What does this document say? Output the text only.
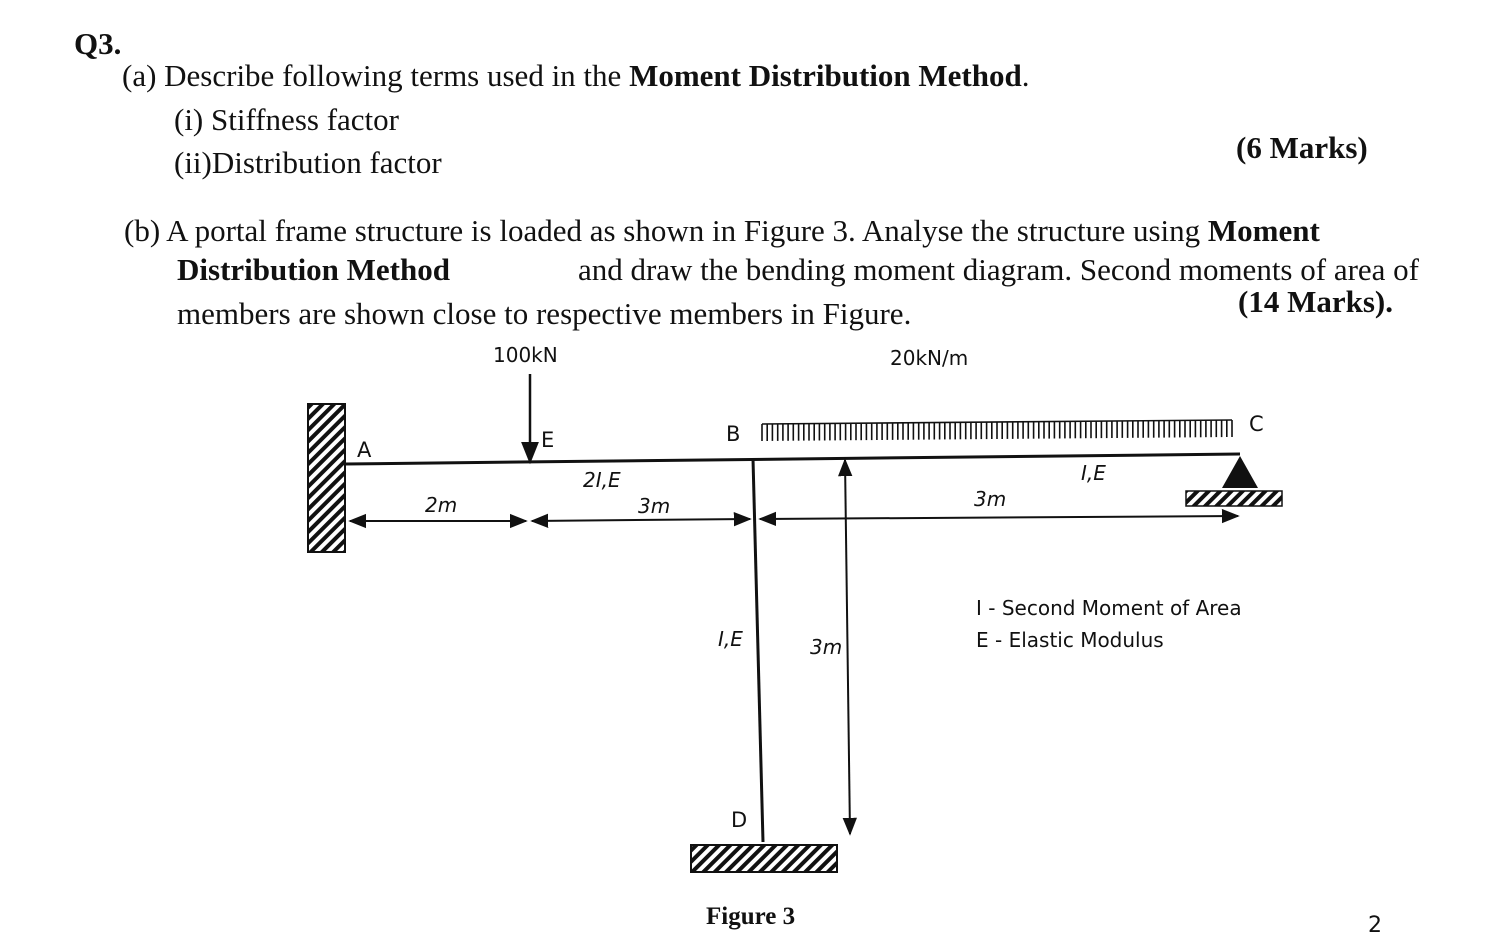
Q3.
(a) Describe following terms used in the Moment Distribution Method.
(i) Stiffness factor
(ii)Distribution factor	(6 Marks)
(b) A portal frame structure is loaded as shown in Figure 3. Analyse the structure using Moment
Distribution Method	and draw the bending moment diagram. Second moments of area of
members are shown close to respective members in Figure.	(14 Marks).
100kN	20kN/m
A	E	B	C
D
2I,E	I,E
I,E
2m	3m	3m
3m
I - Second Moment of Area
E - Elastic Modulus
Figure 3	2
